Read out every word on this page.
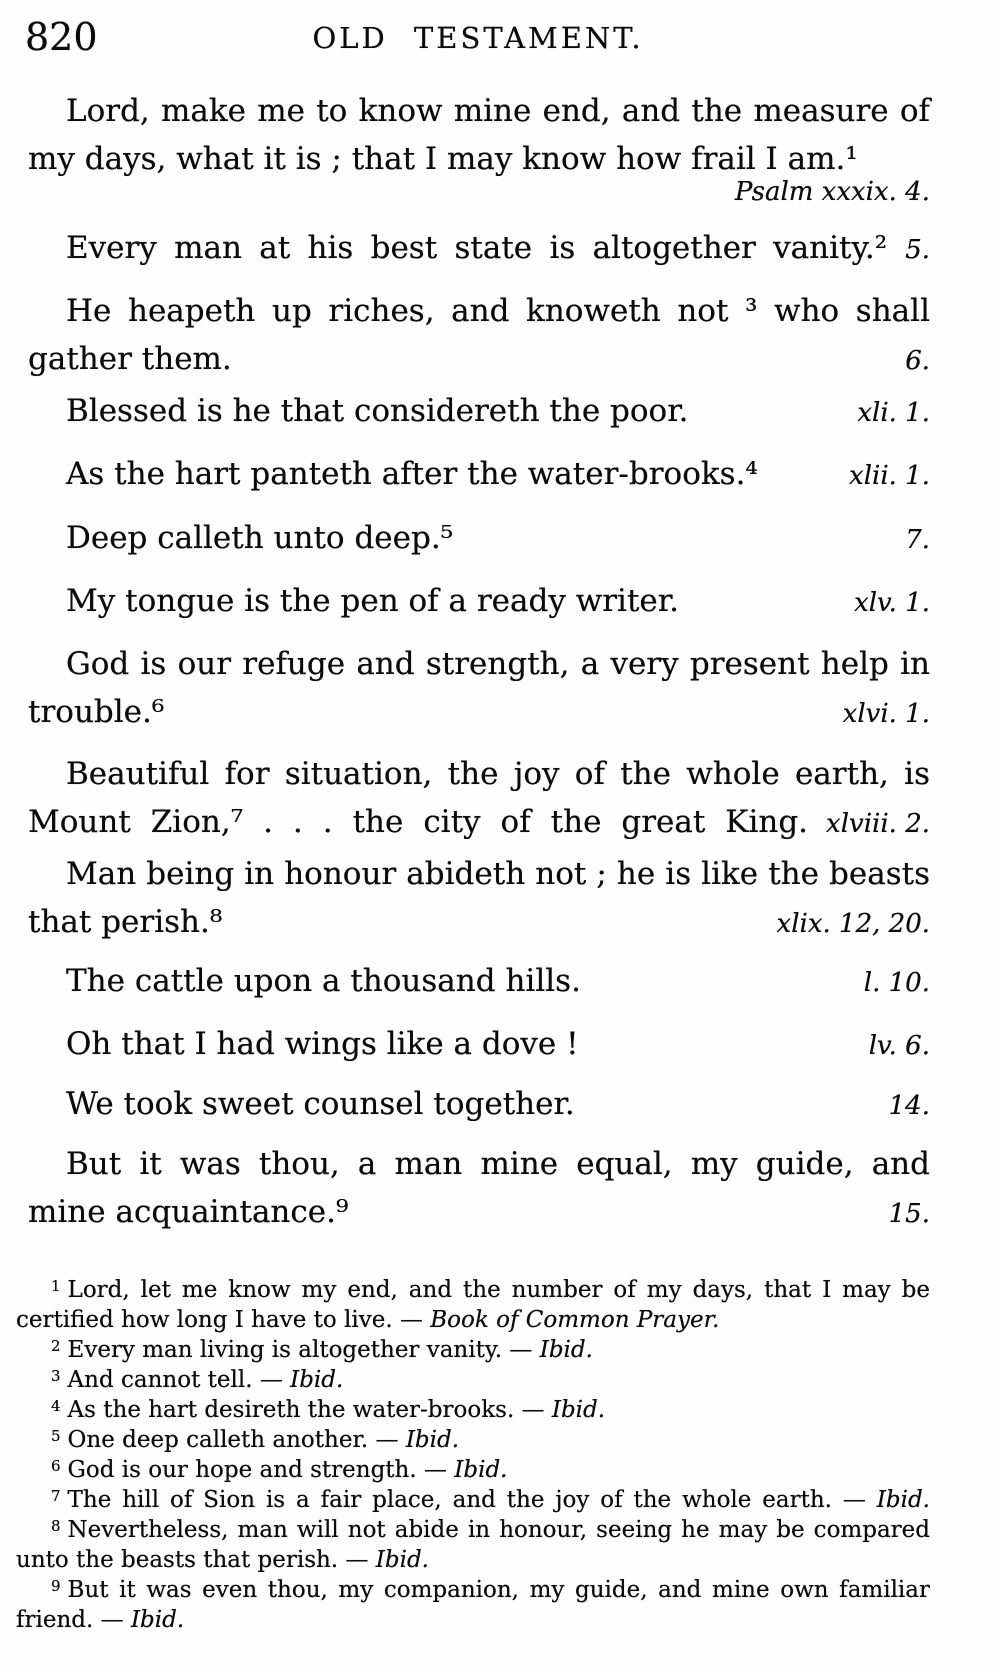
820	OLD TESTAMENT.
Lord, make me to know mine end, and the measure of
my days, what it is ; that I may know how frail I am.¹
Psalm xxxix. 4.
Every man at his best state is altogether vanity.² 5.
He heapeth up riches, and knoweth not ³ who shall
gather them.	6.
Blessed is he that considereth the poor.	xli. 1.
As the hart panteth after the water-brooks.⁴	xlii. 1.
Deep calleth unto deep.⁵	7.
My tongue is the pen of a ready writer.	xlv. 1.
God is our refuge and strength, a very present help in
trouble.⁶	xlvi. 1.
Beautiful for situation, the joy of the whole earth, is
Mount Zion,⁷ . . . the city of the great King. xlviii. 2.
Man being in honour abideth not ; he is like the beasts
that perish.⁸	xlix. 12, 20.
The cattle upon a thousand hills.	l. 10.
Oh that I had wings like a dove !	lv. 6.
We took sweet counsel together.	14.
But it was thou, a man mine equal, my guide, and
mine acquaintance.⁹	15.
$^1$ Lord, let me know my end, and the number of my days, that I may be
certified how long I have to live. — Book of Common Prayer.
$^2$ Every man living is altogether vanity. — Ibid.
$^3$ And cannot tell. — Ibid.
$^4$ As the hart desireth the water-brooks. — Ibid.
$^5$ One deep calleth another. — Ibid.
$^6$ God is our hope and strength. — Ibid.
$^7$ The hill of Sion is a fair place, and the joy of the whole earth. — Ibid.
$^8$ Nevertheless, man will not abide in honour, seeing he may be compared
unto the beasts that perish. — Ibid.
$^9$ But it was even thou, my companion, my guide, and mine own familiar
friend. — Ibid.
